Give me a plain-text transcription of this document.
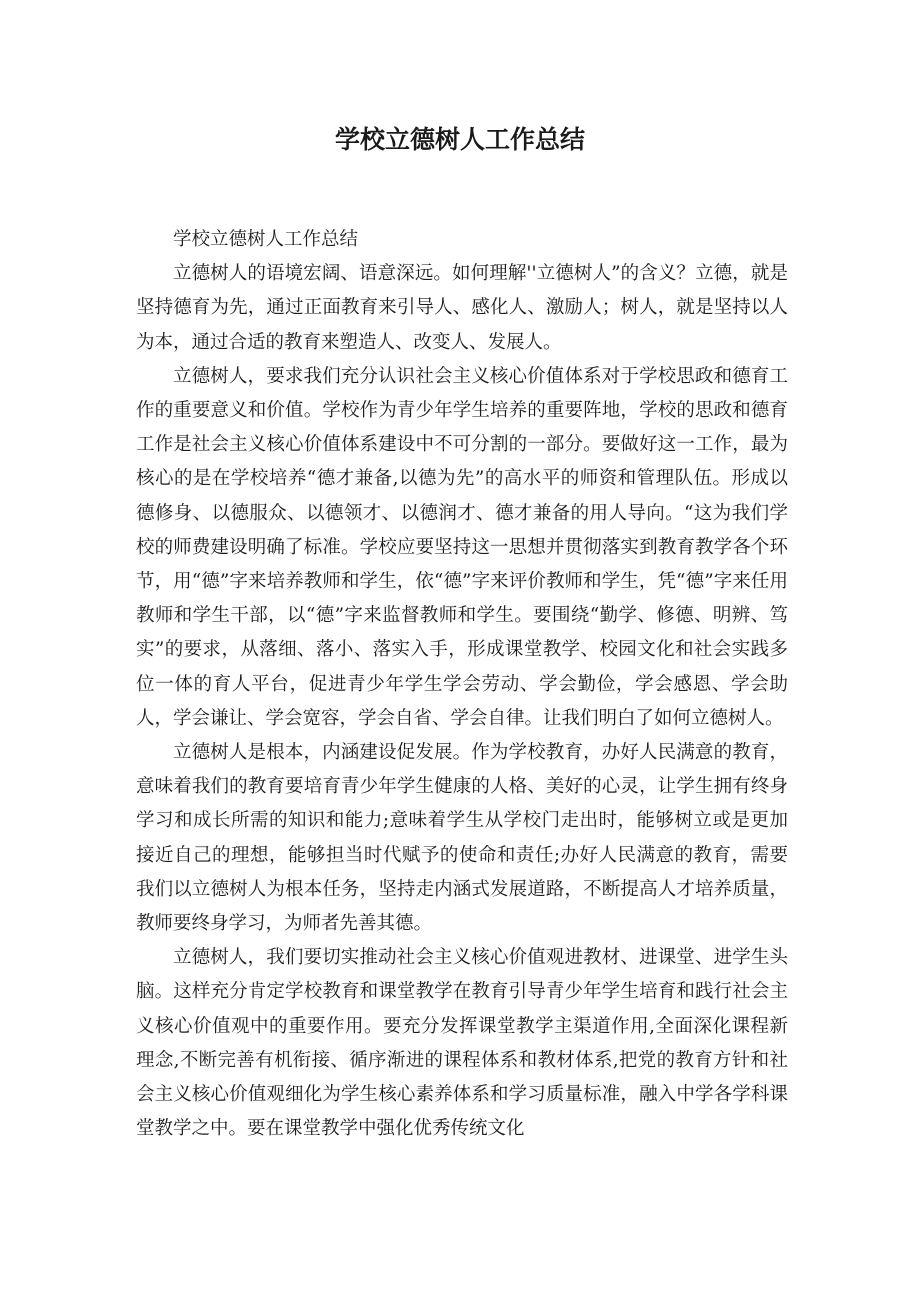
学校立德树人工作总结

学校立德树人工作总结

立德树人的语境宏阔、语意深远。如何理解''立德树人”的含义？立德，就是坚持德育为先，通过正面教育来引导人、感化人、激励人；树人，就是坚持以人为本，通过合适的教育来塑造人、改变人、发展人。

立德树人，要求我们充分认识社会主义核心价值体系对于学校思政和德育工作的重要意义和价值。学校作为青少年学生培养的重要阵地，学校的思政和德育工作是社会主义核心价值体系建设中不可分割的一部分。要做好这一工作，最为核心的是在学校培养“德才兼备,以德为先”的高水平的师资和管理队伍。形成以德修身、以德服众、以德领才、以德润才、德才兼备的用人导向。“这为我们学校的师费建设明确了标准。学校应要坚持这一思想并贯彻落实到教育教学各个环节，用“德”字来培养教师和学生，依“德”字来评价教师和学生，凭“德”字来任用教师和学生干部，以“德”字来监督教师和学生。要围绕“勤学、修德、明辨、笃实”的要求，从落细、落小、落实入手，形成课堂教学、校园文化和社会实践多位一体的育人平台，促进青少年学生学会劳动、学会勤俭，学会感恩、学会助人，学会谦让、学会宽容，学会自省、学会自律。让我们明白了如何立德树人。

立德树人是根本，内涵建设促发展。作为学校教育，办好人民满意的教育，意味着我们的教育要培育青少年学生健康的人格、美好的心灵，让学生拥有终身学习和成长所需的知识和能力;意味着学生从学校门走出时，能够树立或是更加接近自己的理想，能够担当时代赋予的使命和责任;办好人民满意的教育，需要我们以立德树人为根本任务，坚持走内涵式发展道路，不断提高人才培养质量，教师要终身学习，为师者先善其德。

立德树人，我们要切实推动社会主义核心价值观进教材、进课堂、进学生头脑。这样充分肯定学校教育和课堂教学在教育引导青少年学生培育和践行社会主义核心价值观中的重要作用。要充分发挥课堂教学主渠道作用,全面深化课程新理念,不断完善有机衔接、循序渐进的课程体系和教材体系,把党的教育方针和社会主义核心价值观细化为学生核心素养体系和学习质量标准，融入中学各学科课堂教学之中。要在课堂教学中强化优秀传统文化
